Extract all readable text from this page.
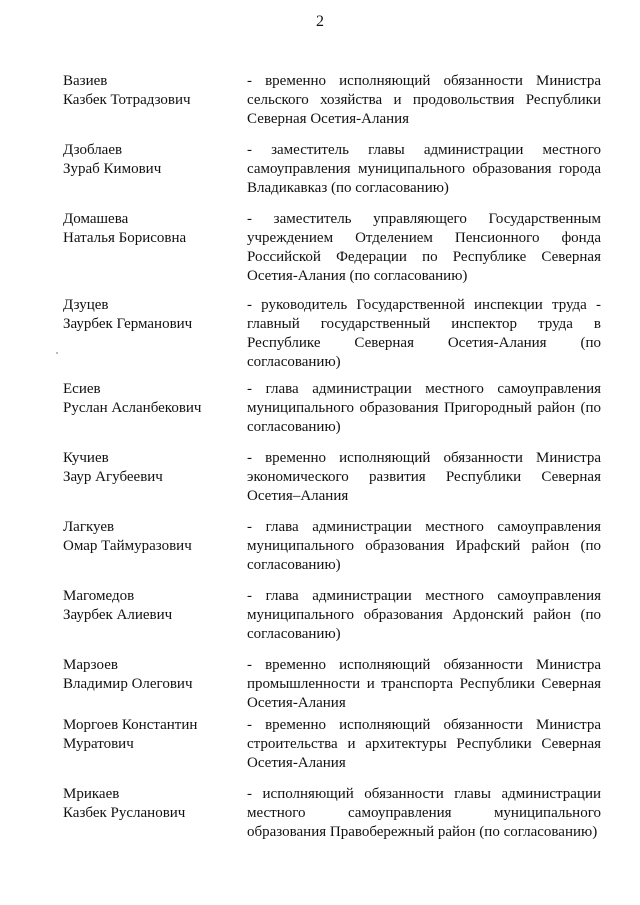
2
Вазиев
Казбек Тотрадзович
- временно исполняющий обязанности Министра сельского хозяйства и продовольствия Республики Северная Осетия-Алания
Дзоблаев
Зураб Кимович
- заместитель главы администрации местного самоуправления муниципального образования города Владикавказ (по согласованию)
Домашева
Наталья Борисовна
- заместитель управляющего Государственным учреждением Отделением Пенсионного фонда Российской Федерации по Республике Северная Осетия-Алания (по согласованию)
Дзуцев
Заурбек Германович
- руководитель Государственной инспекции труда - главный государственный инспектор труда в Республике Северная Осетия-Алания (по согласованию)
Есиев
Руслан Асланбекович
- глава администрации местного самоуправления муниципального образования Пригородный район (по согласованию)
Кучиев
Заур Агубеевич
- временно исполняющий обязанности Министра экономического развития Республики Северная Осетия–Алания
Лагкуев
Омар Таймуразович
- глава администрации местного самоуправления муниципального образования Ирафский район (по согласованию)
Магомедов
Заурбек Алиевич
- глава администрации местного самоуправления муниципального образования Ардонский район (по согласованию)
Марзоев
Владимир Олегович
- временно исполняющий обязанности Министра промышленности и транспорта Республики Северная Осетия-Алания
Моргоев Константин
Муратович
- временно исполняющий обязанности Министра строительства и архитектуры Республики Северная Осетия-Алания
Мрикаев
Казбек Русланович
- исполняющий обязанности главы администрации местного самоуправления муниципального образования Правобережный район (по согласованию)
